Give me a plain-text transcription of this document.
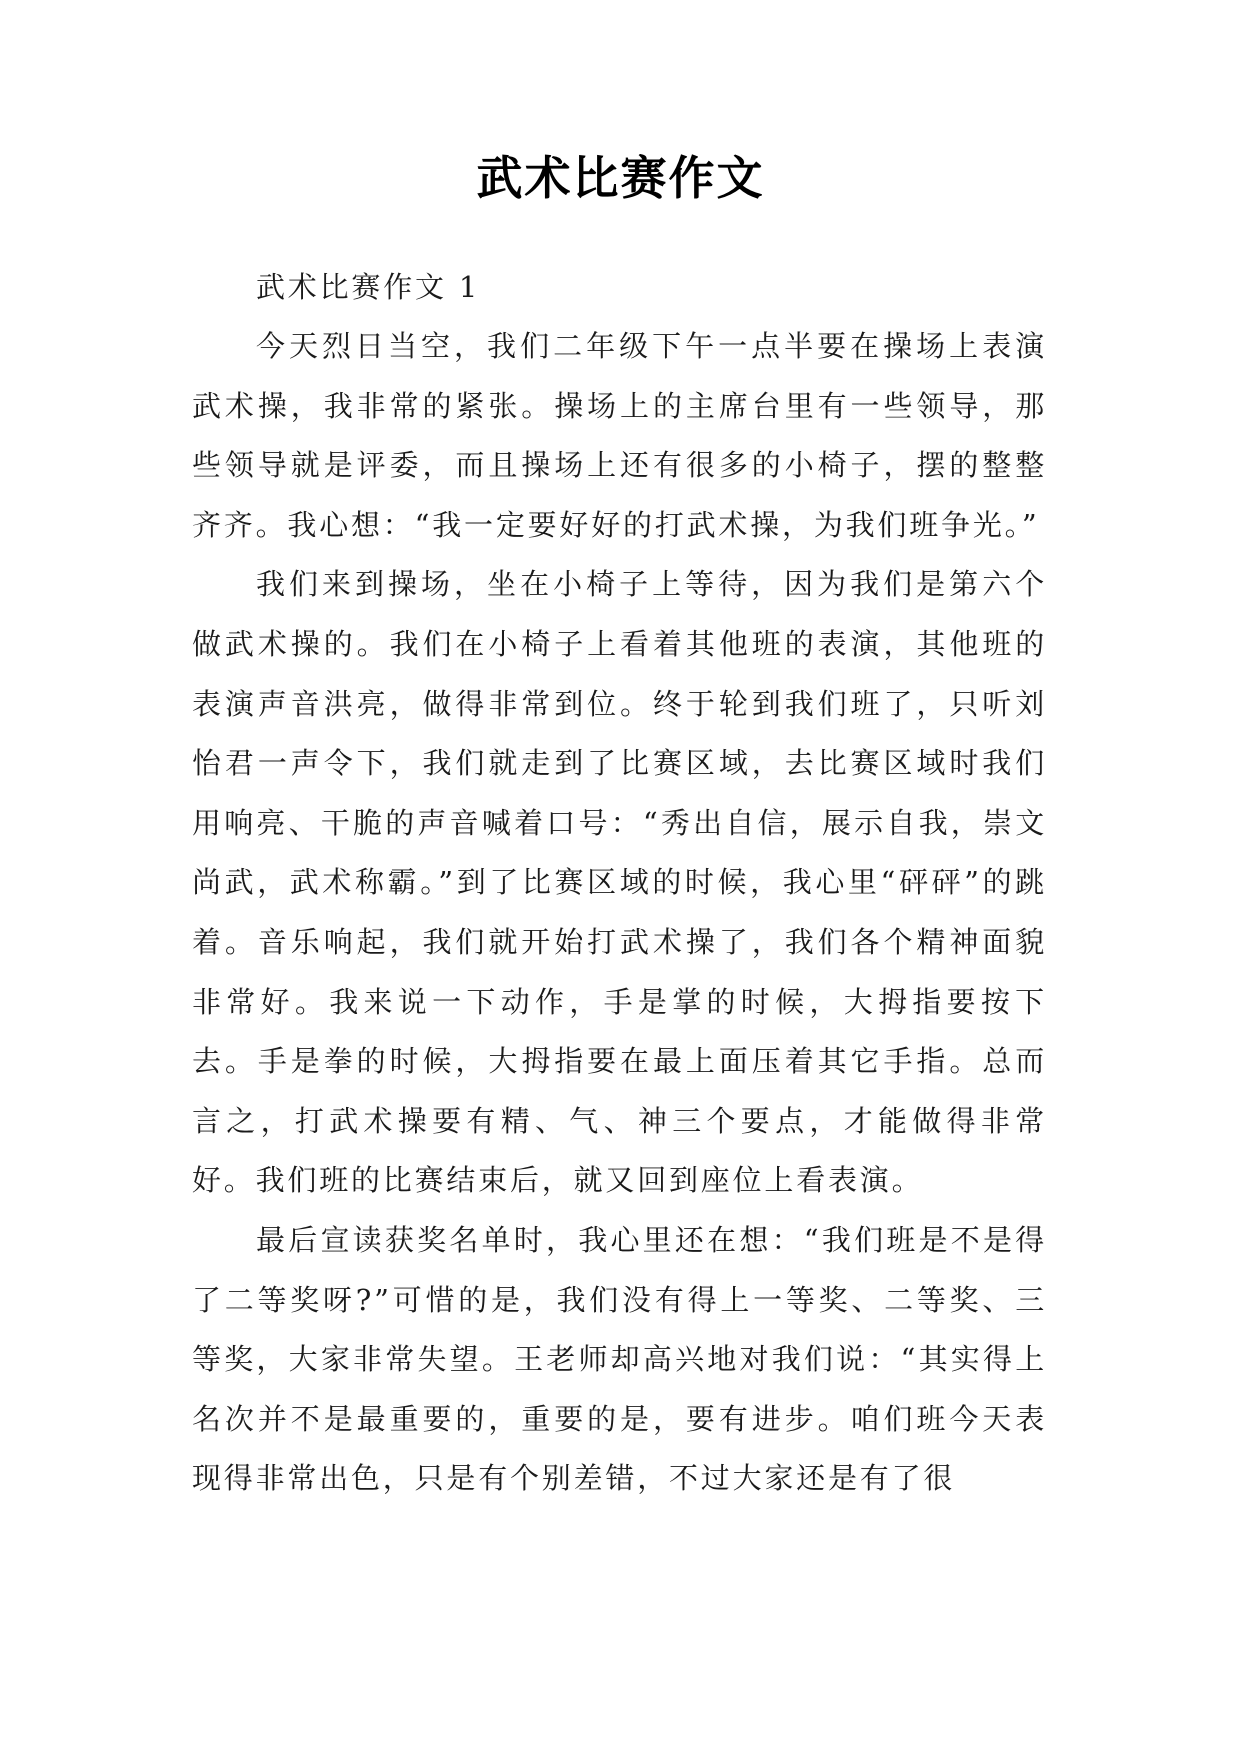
武术比赛作文

武术比赛作文 1

今天烈日当空，我们二年级下午一点半要在操场上表演武术操，我非常的紧张。操场上的主席台里有一些领导，那些领导就是评委，而且操场上还有很多的小椅子，摆的整整齐齐。我心想：“我一定要好好的打武术操，为我们班争光。”

我们来到操场，坐在小椅子上等待，因为我们是第六个做武术操的。我们在小椅子上看着其他班的表演，其他班的表演声音洪亮，做得非常到位。终于轮到我们班了，只听刘怡君一声令下，我们就走到了比赛区域，去比赛区域时我们用响亮、干脆的声音喊着口号：“秀出自信，展示自我，崇文尚武，武术称霸。”到了比赛区域的时候，我心里“砰砰”的跳着。音乐响起，我们就开始打武术操了，我们各个精神面貌非常好。我来说一下动作，手是掌的时候，大拇指要按下去。手是拳的时候，大拇指要在最上面压着其它手指。总而言之，打武术操要有精、气、神三个要点，才能做得非常好。我们班的比赛结束后，就又回到座位上看表演。

最后宣读获奖名单时，我心里还在想：“我们班是不是得了二等奖呀?”可惜的是，我们没有得上一等奖、二等奖、三等奖，大家非常失望。王老师却高兴地对我们说：“其实得上名次并不是最重要的，重要的是，要有进步。咱们班今天表现得非常出色，只是有个别差错，不过大家还是有了很
